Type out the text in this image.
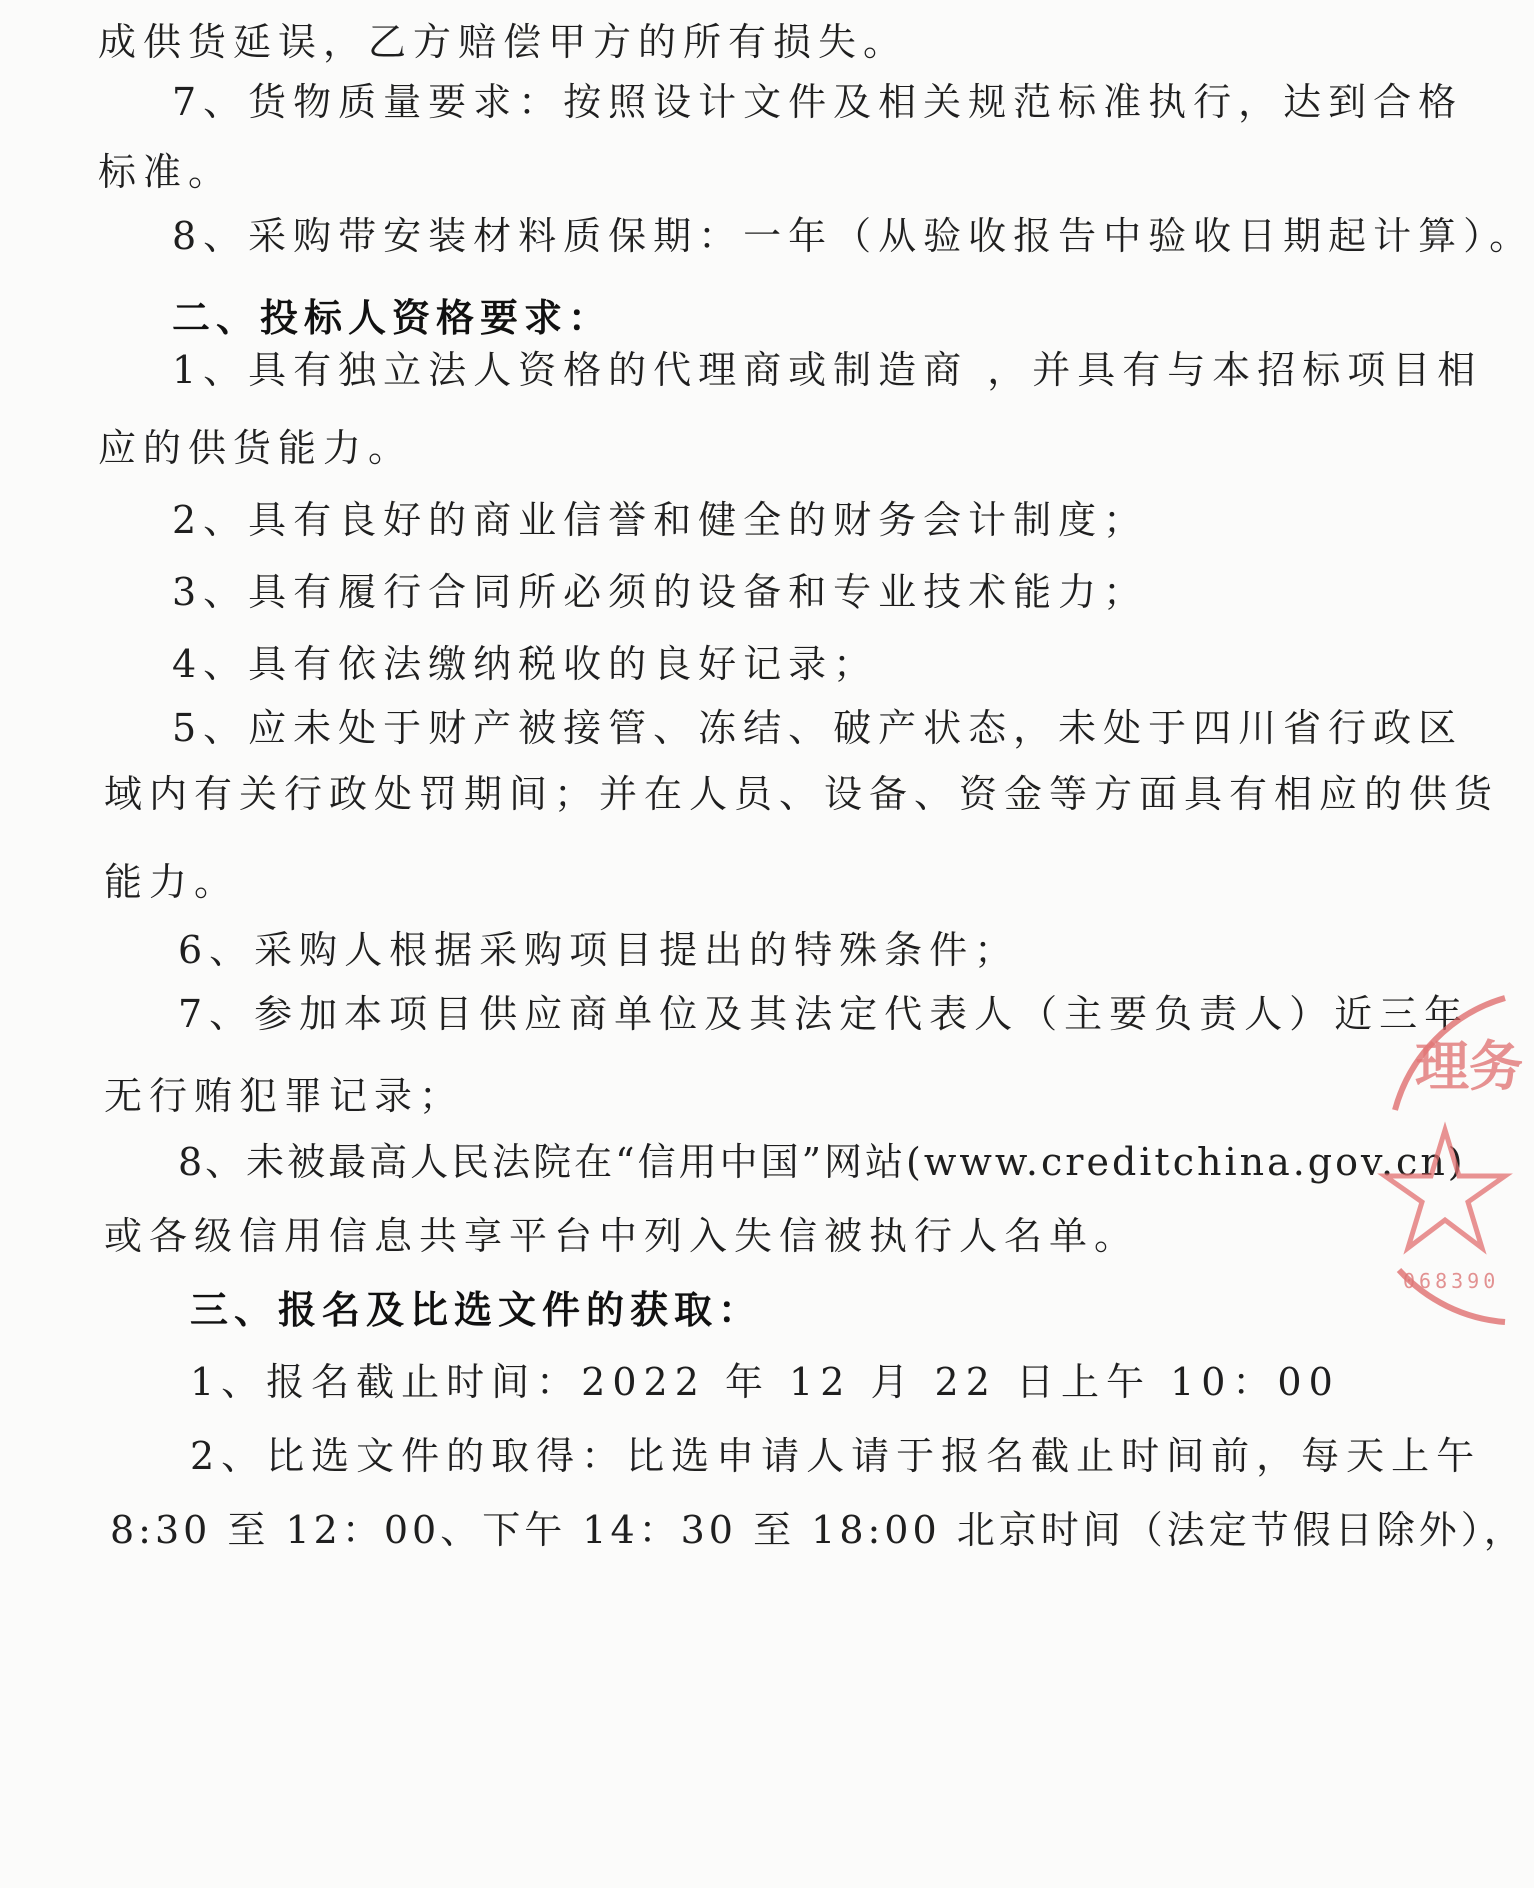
成供货延误，乙方赔偿甲方的所有损失。
7、货物质量要求：按照设计文件及相关规范标准执行，达到合格
标准。
8、采购带安装材料质保期：一年（从验收报告中验收日期起计算）。
二、投标人资格要求：
1、具有独立法人资格的代理商或制造商 ，并具有与本招标项目相
应的供货能力。
2、具有良好的商业信誉和健全的财务会计制度；
3、具有履行合同所必须的设备和专业技术能力；
4、具有依法缴纳税收的良好记录；
5、应未处于财产被接管、冻结、破产状态，未处于四川省行政区
域内有关行政处罚期间；并在人员、设备、资金等方面具有相应的供货
能力。
6、采购人根据采购项目提出的特殊条件；
7、参加本项目供应商单位及其法定代表人（主要负责人）近三年
无行贿犯罪记录；
8、未被最高人民法院在“信用中国”网站(www.creditchina.gov.cn)
或各级信用信息共享平台中列入失信被执行人名单。
三、报名及比选文件的获取：
1、报名截止时间：2022 年 12 月 22 日上午 10：00
2、比选文件的取得：比选申请人请于报名截止时间前，每天上午
8:30 至 12：00、下午 14：30 至 18:00 北京时间（法定节假日除外），
理务
068390
